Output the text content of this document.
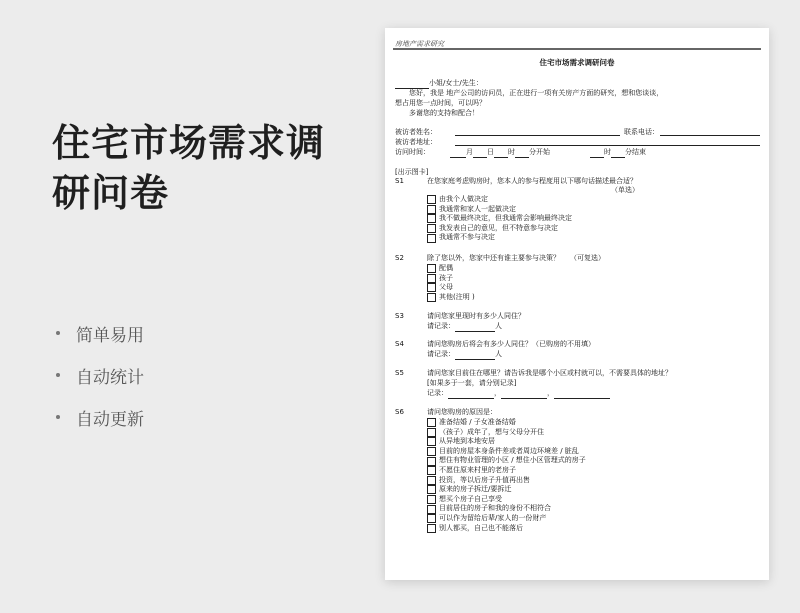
住宅市场需求调
研问卷
简单易用
自动统计
自动更新
房地产需求研究
住宅市场需求调研问卷
小姐/女士/先生：
您好，我是 地产公司的访问员，正在进行一项有关房产方面的研究，想和您谈谈，
想占用您一点时间，可以吗？
多谢您的支持和配合！
被访者姓名：	联系电话：
被访者地址：
访问时间：	月 日 时 分开始	时 分结束
[出示图卡]
S1	在您家庭考虑购房时，您本人的参与程度用以下哪句话描述最合适？
（单选）
由我个人做决定
我通常和家人一起做决定
我不做最终决定，但我通常会影响最终决定
我发表自己的意见，但不特意参与决定
我通常不参与决定
S2	除了您以外，您家中还有谁主要参与决策？ （可复选）
配偶
孩子
父母
其他(注明 )
S3	请问您家里现时有多少人同住？
请记录：	人
S4	请问您购房后将会有多少人同住？（已购房的不用填）
请记录：	人
S5	请问您家目前住在哪里？请告诉我是哪个小区或村就可以，不需要具体的地址？
[如果多于一套，请分别记录]
记录：	，	，
S6	请问您购房的原因是：
准备结婚 / 子女准备结婚
（孩子）成年了，想与父母分开住
从异地到本地安居
目前的房屋本身条件差或者周边环境差 / 脏乱
想住有物业管理的小区 / 想住小区管理式的房子
不愿住原来村里的老房子
投资，等以后房子升值再出售
原来的房子拆迁/要拆迁
想买个房子自己享受
目前居住的房子和我的身份不相符合
可以作为留给后辈/家人的一份财产
别人都买，自己也不能落后
